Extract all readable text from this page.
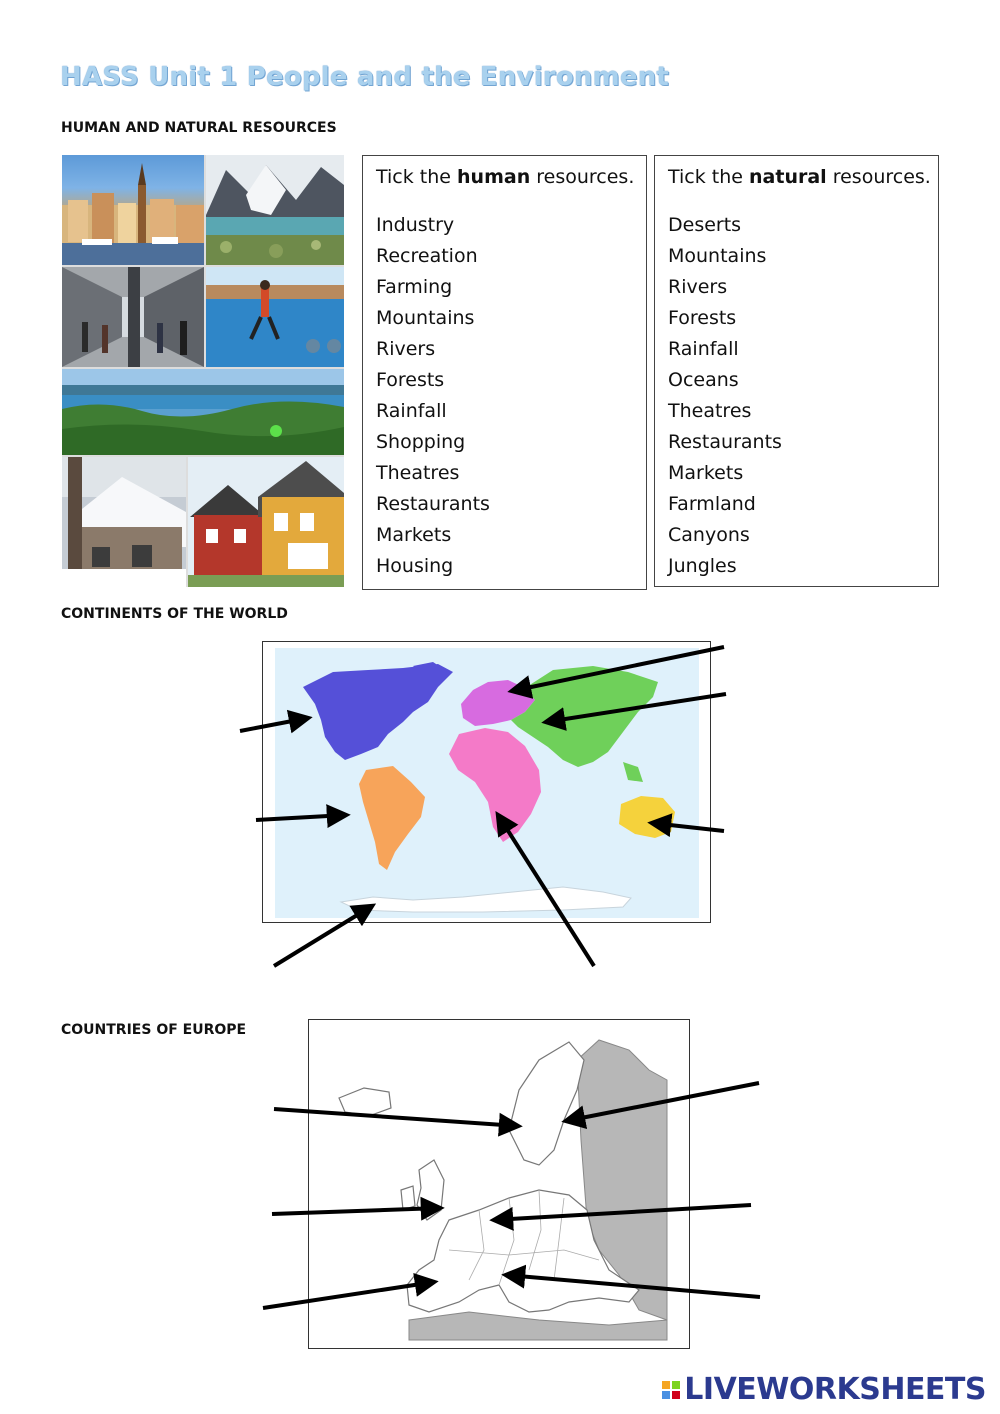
HASS Unit 1 People and the Environment
HUMAN AND NATURAL RESOURCES
Tick the human resources.
Industry
Recreation
Farming
Mountains
Rivers
Forests
Rainfall
Shopping
Theatres
Restaurants
Markets
Housing
Tick the natural resources.
Deserts
Mountains
Rivers
Forests
Rainfall
Oceans
Theatres
Restaurants
Markets
Farmland
Canyons
Jungles
CONTINENTS OF THE WORLD
COUNTRIES OF EUROPE
LIVEWORKSHEETS
